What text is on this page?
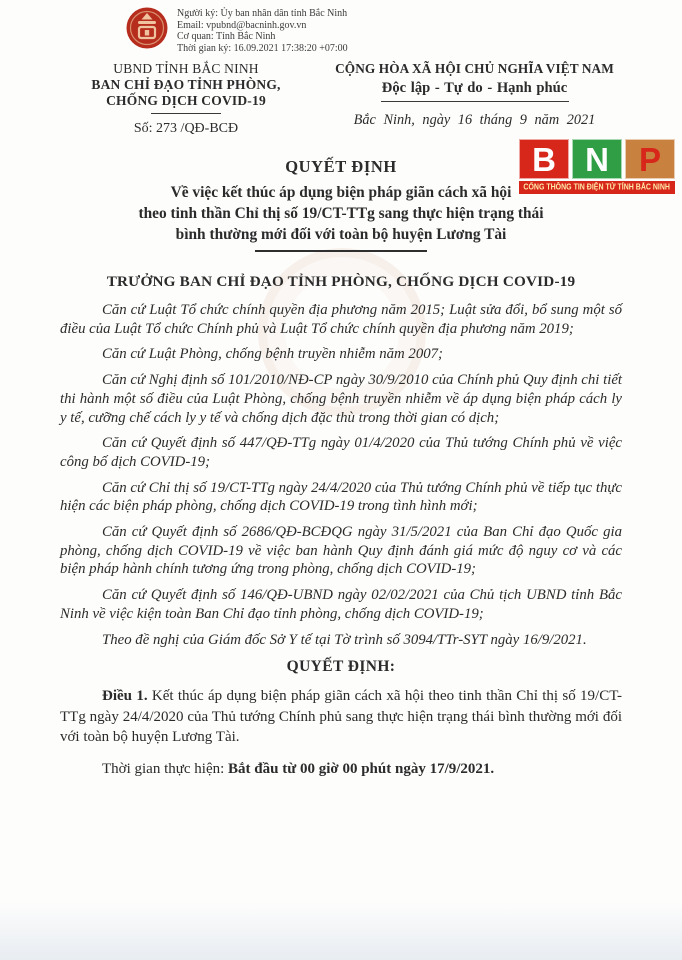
Người ký: Ủy ban nhân dân tỉnh Bắc Ninh
Email: vpubnd@bacninh.gov.vn
Cơ quan: Tỉnh Bắc Ninh
Thời gian ký: 16.09.2021 17:38:20 +07:00
UBND TỈNH BẮC NINH
BAN CHỈ ĐẠO TỈNH PHÒNG,
CHỐNG DỊCH COVID-19
Số: 273 /QĐ-BCĐ
CỘNG HÒA XÃ HỘI CHỦ NGHĨA VIỆT NAM
Độc lập - Tự do - Hạnh phúc
Bắc Ninh, ngày 16 tháng 9 năm 2021
B N P
CỔNG THÔNG TIN ĐIỆN TỬ TỈNH BẮC NINH
QUYẾT ĐỊNH
Về việc kết thúc áp dụng biện pháp giãn cách xã hội
theo tinh thần Chỉ thị số 19/CT-TTg sang thực hiện trạng thái
bình thường mới đối với toàn bộ huyện Lương Tài
TRƯỞNG BAN CHỈ ĐẠO TỈNH PHÒNG, CHỐNG DỊCH COVID-19

Căn cứ Luật Tổ chức chính quyền địa phương năm 2015; Luật sửa đổi, bổ sung một số điều của Luật Tổ chức Chính phủ và Luật Tổ chức chính quyền địa phương năm 2019;

Căn cứ Luật Phòng, chống bệnh truyền nhiễm năm 2007;

Căn cứ Nghị định số 101/2010/NĐ-CP ngày 30/9/2010 của Chính phủ Quy định chi tiết thi hành một số điều của Luật Phòng, chống bệnh truyền nhiễm về áp dụng biện pháp cách ly y tế, cưỡng chế cách ly y tế và chống dịch đặc thù trong thời gian có dịch;

Căn cứ Quyết định số 447/QĐ-TTg ngày 01/4/2020 của Thủ tướng Chính phủ về việc công bố dịch COVID-19;

Căn cứ Chỉ thị số 19/CT-TTg ngày 24/4/2020 của Thủ tướng Chính phủ về tiếp tục thực hiện các biện pháp phòng, chống dịch COVID-19 trong tình hình mới;

Căn cứ Quyết định số 2686/QĐ-BCĐQG ngày 31/5/2021 của Ban Chỉ đạo Quốc gia phòng, chống dịch COVID-19 về việc ban hành Quy định đánh giá mức độ nguy cơ và các biện pháp hành chính tương ứng trong phòng, chống dịch COVID-19;

Căn cứ Quyết định số 146/QĐ-UBND ngày 02/02/2021 của Chủ tịch UBND tỉnh Bắc Ninh về việc kiện toàn Ban Chỉ đạo tỉnh phòng, chống dịch COVID-19;

Theo đề nghị của Giám đốc Sở Y tế tại Tờ trình số 3094/TTr-SYT ngày 16/9/2021.

QUYẾT ĐỊNH:

Điều 1. Kết thúc áp dụng biện pháp giãn cách xã hội theo tinh thần Chỉ thị số 19/CT-TTg ngày 24/4/2020 của Thủ tướng Chính phủ sang thực hiện trạng thái bình thường mới đối với toàn bộ huyện Lương Tài.

Thời gian thực hiện: Bắt đầu từ 00 giờ 00 phút ngày 17/9/2021.
